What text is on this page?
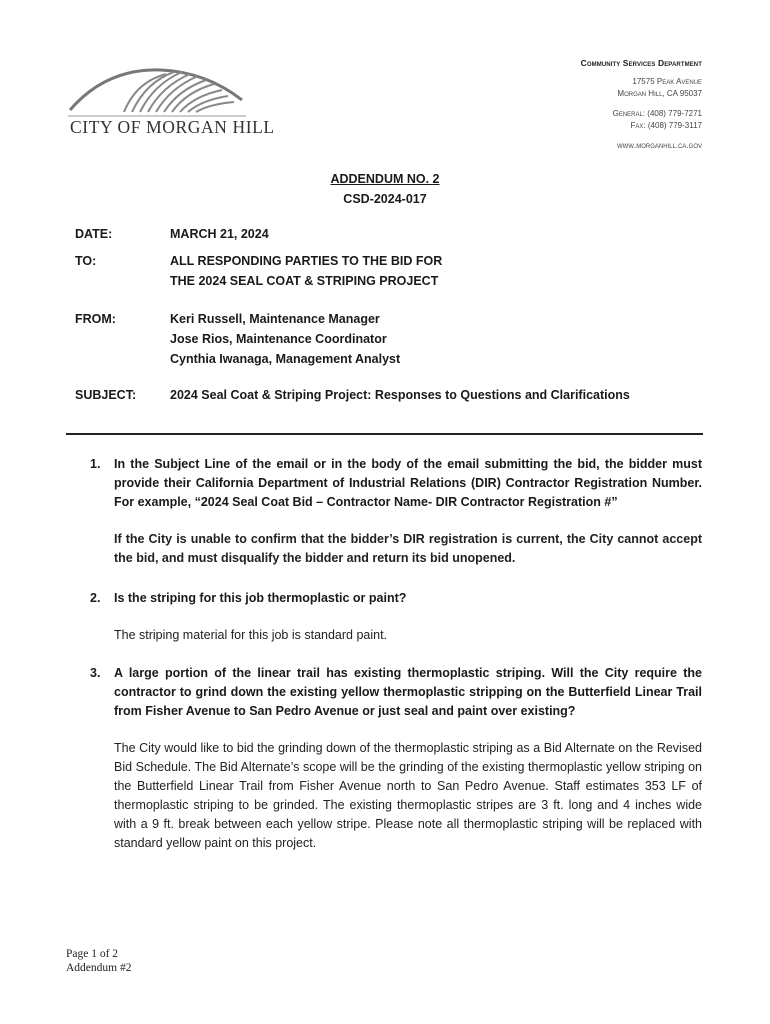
CITY OF MORGAN HILL
Community Services Department
17575 Peak Avenue
Morgan Hill, CA 95037
General: (408) 779-7271
Fax: (408) 779-3117
www.morganhill.ca.gov
ADDENDUM NO. 2
CSD-2024-017
DATE:	MARCH 21, 2024
TO:	ALL RESPONDING PARTIES TO THE BID FOR
THE 2024 SEAL COAT & STRIPING PROJECT
FROM:	Keri Russell, Maintenance Manager
Jose Rios, Maintenance Coordinator
Cynthia Iwanaga, Management Analyst
SUBJECT:	2024 Seal Coat & Striping Project: Responses to Questions and Clarifications
1. In the Subject Line of the email or in the body of the email submitting the bid, the bidder must provide their California Department of Industrial Relations (DIR) Contractor Registration Number. For example, “2024 Seal Coat Bid – Contractor Name- DIR Contractor Registration #”
If the City is unable to confirm that the bidder’s DIR registration is current, the City cannot accept the bid, and must disqualify the bidder and return its bid unopened.
2. Is the striping for this job thermoplastic or paint?
The striping material for this job is standard paint.
3. A large portion of the linear trail has existing thermoplastic striping. Will the City require the contractor to grind down the existing yellow thermoplastic stripping on the Butterfield Linear Trail from Fisher Avenue to San Pedro Avenue or just seal and paint over existing?
The City would like to bid the grinding down of the thermoplastic striping as a Bid Alternate on the Revised Bid Schedule. The Bid Alternate’s scope will be the grinding of the existing thermoplastic yellow striping on the Butterfield Linear Trail from Fisher Avenue north to San Pedro Avenue. Staff estimates 353 LF of thermoplastic striping to be grinded. The existing thermoplastic stripes are 3 ft. long and 4 inches wide with a 9 ft. break between each yellow stripe. Please note all thermoplastic striping will be replaced with standard yellow paint on this project.
Page 1 of 2
Addendum #2
